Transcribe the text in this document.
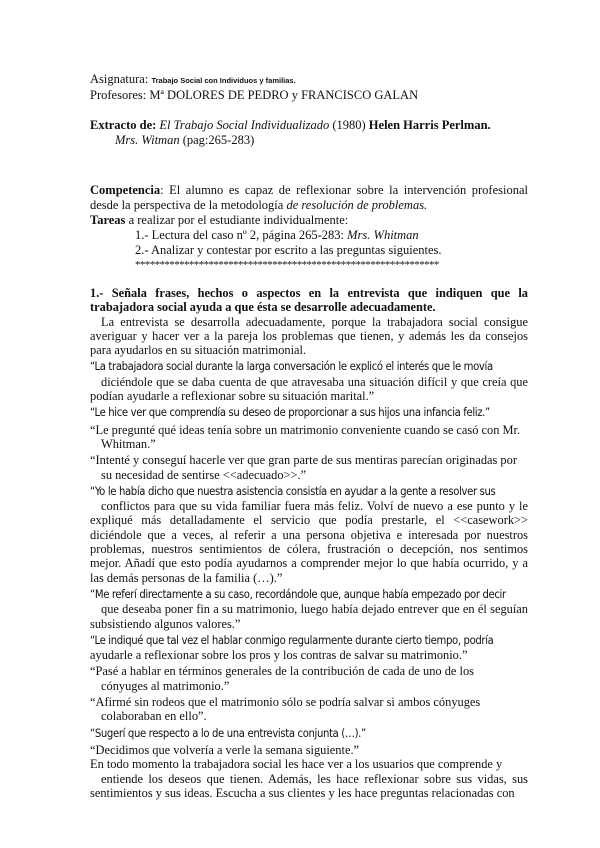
Asignatura: Trabajo Social con Individuos y familias.
Profesores: Mª DOLORES DE PEDRO y FRANCISCO GALAN
Extracto de: El Trabajo Social Individualizado (1980) Helen Harris Perlman.
Mrs. Witman (pag:265-283)
Competencia: El alumno es capaz de reflexionar sobre la intervención profesional desde la perspectiva de la metodología de resolución de problemas.
Tareas a realizar por el estudiante individualmente:
1.- Lectura del caso nº 2, página 265-283: Mrs. Whitman
2.- Analizar y contestar por escrito a las preguntas siguientes.
**************************************************************

1.- Señala frases, hechos o aspectos en la entrevista que indiquen que la trabajadora social ayuda a que ésta se desarrolle adecuadamente.

La entrevista se desarrolla adecuadamente, porque la trabajadora social consigue averiguar y hacer ver a la pareja los problemas que tienen, y además les da consejos para ayudarlos en su situación matrimonial.

“La trabajadora social durante la larga conversación le explicó el interés que le movía
diciéndole que se daba cuenta de que atravesaba una situación difícil y que creía que podían ayudarle a reflexionar sobre su situación marital.”

“Le hice ver que comprendía su deseo de proporcionar a sus hijos una infancia feliz.”

“Le pregunté qué ideas tenía sobre un matrimonio conveniente cuando se casó con Mr.
Whitman.”

“Intenté y conseguí hacerle ver que gran parte de sus mentiras parecían originadas por
su necesidad de sentirse <<adecuado>>.”

“Yo le había dicho que nuestra asistencia consistía en ayudar a la gente a resolver sus
conflictos para que su vida familiar fuera más feliz. Volví de nuevo a ese punto y le expliqué más detalladamente el servicio que podía prestarle, el <<casework>> diciéndole que a veces, al referir a una persona objetiva e interesada por nuestros problemas, nuestros sentimientos de cólera, frustración o decepción, nos sentimos mejor. Añadí que esto podía ayudarnos a comprender mejor lo que había ocurrido, y a las demás personas de la familia (…).”

“Me referí directamente a su caso, recordándole que, aunque había empezado por decir
que deseaba poner fin a su matrimonio, luego había dejado entrever que en él seguían subsistiendo algunos valores.”

“Le indiqué que tal vez el hablar conmigo regularmente durante cierto tiempo, podría
ayudarle a reflexionar sobre los pros y los contras de salvar su matrimonio.”

“Pasé a hablar en términos generales de la contribución de cada de uno de los
cónyuges al matrimonio.”

“Afirmé sin rodeos que el matrimonio sólo se podría salvar si ambos cónyuges
colaboraban en ello”.

“Sugerí que respecto a lo de una entrevista conjunta (…).”

“Decidimos que volvería a verle la semana siguiente.”

En todo momento la trabajadora social les hace ver a los usuarios que comprende y
entiende los deseos que tienen. Además, les hace reflexionar sobre sus vidas, sus sentimientos y sus ideas. Escucha a sus clientes y les hace preguntas relacionadas con
